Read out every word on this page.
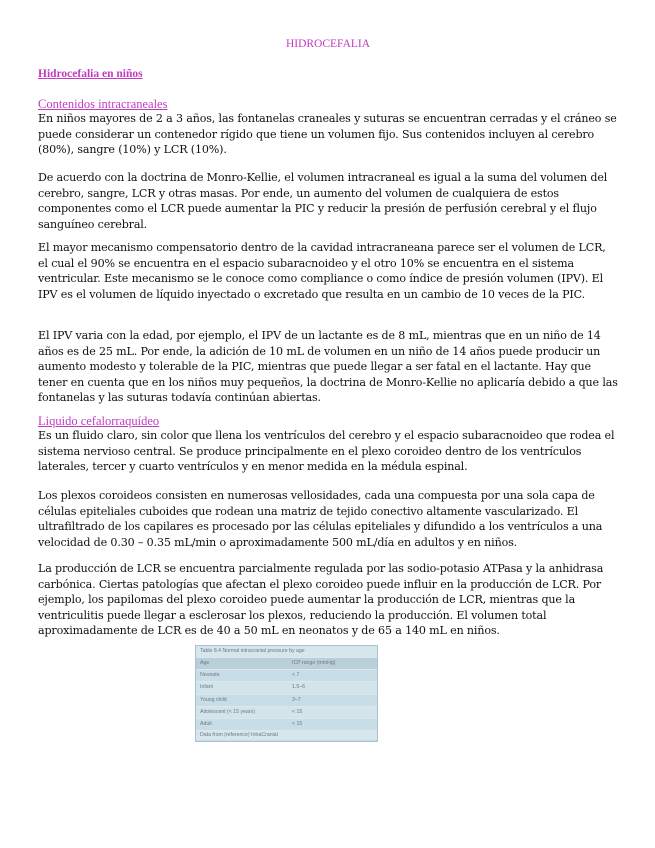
HIDROCEFALIA
Hidrocefalia en niños

Contenidos intracraneales

En niños mayores de 2 a 3 años, las fontanelas craneales y suturas se encuentran cerradas y el cráneo se puede considerar un contenedor rígido que tiene un volumen fijo. Sus contenidos incluyen al cerebro (80%), sangre (10%) y LCR (10%).

De acuerdo con la doctrina de Monro-Kellie, el volumen intracraneal es igual a la suma del volumen del cerebro, sangre, LCR y otras masas. Por ende, un aumento del volumen de cualquiera de estos componentes como el LCR puede aumentar la PIC y reducir la presión de perfusión cerebral y el flujo sanguíneo cerebral.

El mayor mecanismo compensatorio dentro de la cavidad intracraneana parece ser el volumen de LCR, el cual el 90% se encuentra en el espacio subaracnoideo y el otro 10% se encuentra en el sistema ventricular. Este mecanismo se le conoce como compliance o como índice de presión volumen (IPV). El IPV es el volumen de líquido inyectado o excretado que resulta en un cambio de 10 veces de la PIC.

El IPV varia con la edad, por ejemplo, el IPV de un lactante es de 8 mL, mientras que en un niño de 14 años es de 25 mL. Por ende, la adición de 10 mL de volumen en un niño de 14 años puede producir un aumento modesto y tolerable de la PIC, mientras que puede llegar a ser fatal en el lactante. Hay que tener en cuenta que en los niños muy pequeños, la doctrina de Monro-Kellie no aplicaría debido a que las fontanelas y las suturas todavía continúan abiertas.

Liquido cefalorraquídeo

Es un fluido claro, sin color que llena los ventrículos del cerebro y el espacio subaracnoideo que rodea el sistema nervioso central. Se produce principalmente en el plexo coroideo dentro de los ventrículos laterales, tercer y cuarto ventrículos y en menor medida en la médula espinal.

Los plexos coroideos consisten en numerosas vellosidades, cada una compuesta por una sola capa de células epiteliales cuboides que rodean una matriz de tejido conectivo altamente vascularizado. El ultrafiltrado de los capilares es procesado por las células epiteliales y difundido a los ventrículos a una velocidad de 0.30 – 0.35 mL/min o aproximadamente 500 mL/día en adultos y en niños.

La producción de LCR se encuentra parcialmente regulada por las sodio-potasio ATPasa y la anhidrasa carbónica. Ciertas patologías que afectan el plexo coroideo puede influir en la producción de LCR. Por ejemplo, los papilomas del plexo coroideo puede aumentar la producción de LCR, mientras que la ventriculitis puede llegar a esclerosar los plexos, reduciendo la producción. El volumen total aproximadamente de LCR es de 40 a 50 mL en neonatos y de 65 a 140 mL en niños.

Table 8.4 Normal intracranial pressure by age
Age	ICP range (mmHg)
Neonate	< 7
Infant	1.5–6
Young child	3–7
Adolescent (< 15 years)	< 15
Adult	< 15
Data from (reference) IntraCranial
